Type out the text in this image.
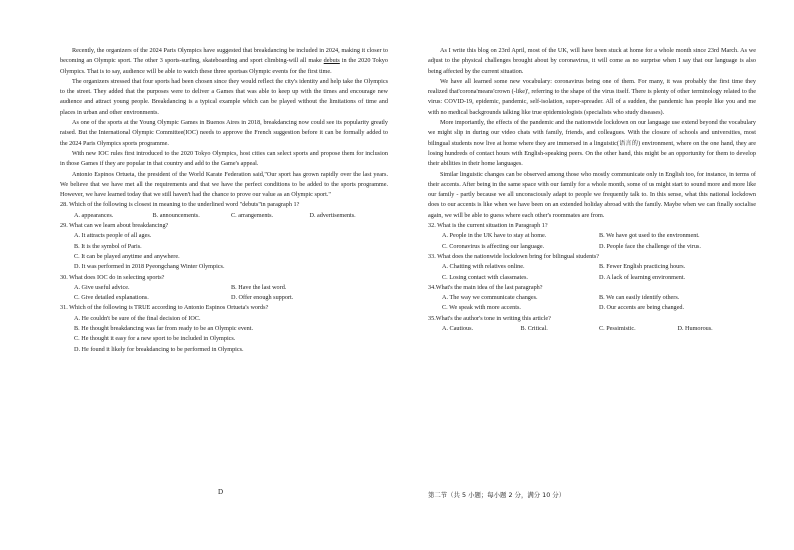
Recently, the organizers of the 2024 Paris Olympics have suggested that breakdancing be included in 2024, making it closer to becoming an Olympic sport. The other 3 sports-surfing, skateboarding and sport climbing-will all make debuts in the 2020 Tokyo Olympics. That is to say, audience will be able to watch these three sportsas Olympic events for the first time.

The organizers stressed that four sports had been chosen since they would reflect the city's identity and help take the Olympics to the street. They added that the purposes were to deliver a Games that was able to keep up with the times and encourage new audience and attract young people. Breakdancing is a typical example which can be played without the limitations of time and places in urban and other environments.

As one of the sports at the Young Olympic Games in Buenos Aires in 2018, breakdancing now could see its popularity greatly raised. But the International Olympic Committee(IOC) needs to approve the French suggestion before it can be formally added to the 2024 Paris Olympics sports programme.

With new IOC rules first introduced to the 2020 Tokyo Olympics, host cities can select sports and propose them for inclusion in those Games if they are popular in that country and add to the Game's appeal.

Antonio Espinos Ortueta, the president of the World Karate Federation said,"Our sport has grown rapidly over the last years. We believe that we have met all the requirements and that we have the perfect conditions to be added to the sports programme. However, we have learned today that we still haven't had the chance to prove our value as an Olympic sport."

28. Which of the following is closest in meaning to the underlined word "debuts"in paragraph 1?

A. appearances.	B. announcements.	C. arrangements.	D. advertisements.

29. What can we learn about breakdancing?

A. It attracts people of all ages.

B. It is the symbol of Paris.

C. It can be played anytime and anywhere.

D. It was performed in 2018 Pyeongchang Winter Olympics.

30. What does IOC do in selecting sports?

A. Give useful advice.	B. Have the last word.
C. Give detailed explanations.	D. Offer enough support.

31. Which of the following is TRUE according to Antonio Espinos Ortueta's words?

A. He couldn't be sure of the final decision of IOC.

B. He thought breakdancing was far from ready to be an Olympic event.

C. He thought it easy for a new sport to be included in Olympics.

D. He found it likely for breakdancing to be performed in Olympics.

D

As I write this blog on 23rd April, most of the UK, will have been stuck at home for a whole month since 23rd March. As we adjust to the physical challenges brought about by coronavirus, it will come as no surprise when I say that our language is also being affected by the current situation.

We have all learned some new vocabulary: coronavirus being one of them. For many, it was probably the first time they realized that'corona'means'crown (-like)', referring to the shape of the virus itself. There is plenty of other terminology related to the virus: COVID-19, epidemic, pandemic, self-isolation, super-spreader. All of a sudden, the pandemic has people like you and me with no medical backgrounds talking like true epidemiologists (specialists who study diseases).

More importantly, the effects of the pandemic and the nationwide lockdown on our language use extend beyond the vocabulary we might slip in during our video chats with family, friends, and colleagues. With the closure of schools and universities, most bilingual students now live at home where they are immersed in a linguistic(语言的) environment, where on the one hand, they are losing hundreds of contact hours with English-speaking peers. On the other hand, this might be an opportunity for them to develop their abilities in their home languages.

Similar linguistic changes can be observed among those who mostly communicate only in English too, for instance, in terms of their accents. After being in the same space with our family for a whole month, some of us might start to sound more and more like our family - partly because we all unconsciously adapt to people we frequently talk to. In this sense, what this national lockdown does to our accents is like when we have been on an extended holiday abroad with the family. Maybe when we can finally socialise again, we will be able to guess where each other's roommates are from.

32. What is the current situation in Paragraph 1?

A. People in the UK have to stay at home.	B. We have got used to the environment.
C. Coronavirus is affecting our language.	D. People face the challenge of the virus.

33. What does the nationwide lockdown bring for bilingual students?

A. Chatting with relatives online.	B. Fewer English practicing hours.
C. Losing contact with classmates.	D. A lack of learning environment.

34.What's the main idea of the last paragraph?

A. The way we communicate changes.	B. We can easily identify others.
C. We speak with more accents.	D. Our accents are being changed.

35.What's the author's tone in writing this article?

A. Cautious.	B. Critical.	C. Pessimistic.	D. Humorous.
第二节（共 5 小题；每小题 2 分，满分 10 分）
